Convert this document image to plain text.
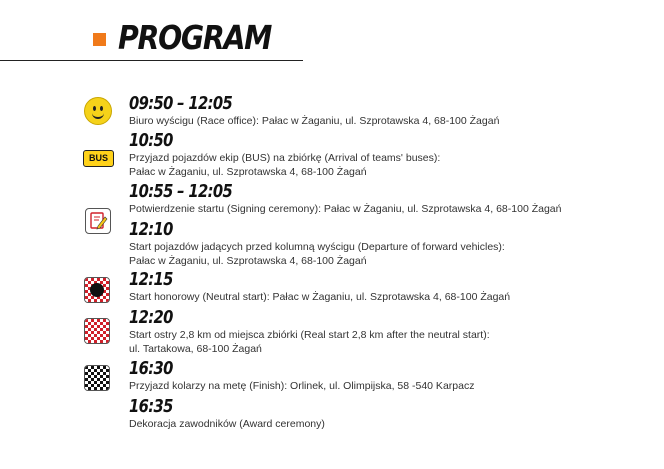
PROGRAM
BUS
09:50 – 12:05
Biuro wyścigu (Race office): Pałac w Żaganiu, ul. Szprotawska 4, 68-100 Żagań
10:50
Przyjazd pojazdów ekip (BUS) na zbiórkę (Arrival of teams' buses):
Pałac w Żaganiu, ul. Szprotawska 4, 68-100 Żagań
10:55 – 12:05
Potwierdzenie startu (Signing ceremony): Pałac w Żaganiu, ul. Szprotawska 4, 68-100 Żagań
12:10
Start pojazdów jadących przed kolumną wyścigu (Departure of forward vehicles):
Pałac w Żaganiu, ul. Szprotawska 4, 68-100 Żagań
12:15
Start honorowy (Neutral start): Pałac w Żaganiu, ul. Szprotawska 4, 68-100 Żagań
12:20
Start ostry 2,8 km od miejsca zbiórki (Real start 2,8 km after the neutral start):
ul. Tartakowa, 68-100 Żagań
16:30
Przyjazd kolarzy na metę (Finish): Orlinek, ul. Olimpijska, 58 -540 Karpacz
16:35
Dekoracja zawodników (Award ceremony)
